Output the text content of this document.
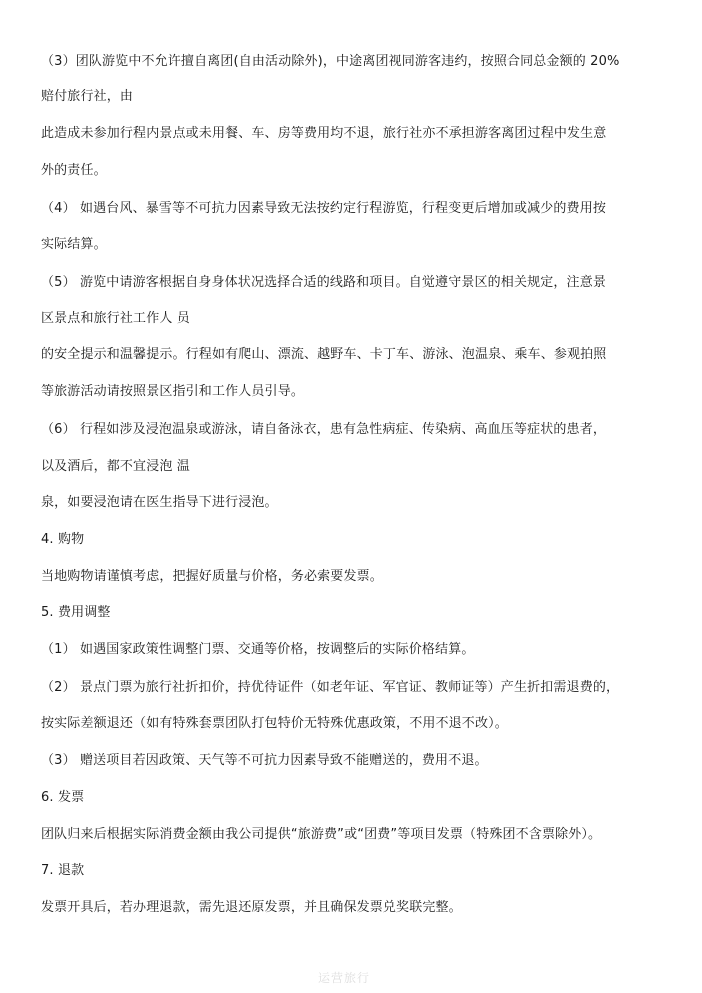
（3）团队游览中不允许擅自离团(自由活动除外)，中途离团视同游客违约，按照合同总金额的 20%
赔付旅行社，由
此造成未参加行程内景点或未用餐、车、房等费用均不退，旅行社亦不承担游客离团过程中发生意
外的责任。
（4） 如遇台风、暴雪等不可抗力因素导致无法按约定行程游览，行程变更后增加或减少的费用按
实际结算。
（5） 游览中请游客根据自身身体状况选择合适的线路和项目。自觉遵守景区的相关规定，注意景
区景点和旅行社工作人 员
的安全提示和温馨提示。行程如有爬山、漂流、越野车、卡丁车、游泳、泡温泉、乘车、参观拍照
等旅游活动请按照景区指引和工作人员引导。
（6） 行程如涉及浸泡温泉或游泳，请自备泳衣，患有急性病症、传染病、高血压等症状的患者，
以及酒后，都不宜浸泡 温
泉，如要浸泡请在医生指导下进行浸泡。
4. 购物
当地购物请谨慎考虑，把握好质量与价格，务必索要发票。
5. 费用调整
（1） 如遇国家政策性调整门票、交通等价格，按调整后的实际价格结算。
（2） 景点门票为旅行社折扣价，持优待证件（如老年证、军官证、教师证等）产生折扣需退费的，
按实际差额退还（如有特殊套票团队打包特价无特殊优惠政策，不用不退不改）。
（3） 赠送项目若因政策、天气等不可抗力因素导致不能赠送的，费用不退。
6. 发票
团队归来后根据实际消费金额由我公司提供“旅游费”或“团费”等项目发票（特殊团不含票除外）。
7. 退款
发票开具后，若办理退款，需先退还原发票，并且确保发票兑奖联完整。
运营旅行
